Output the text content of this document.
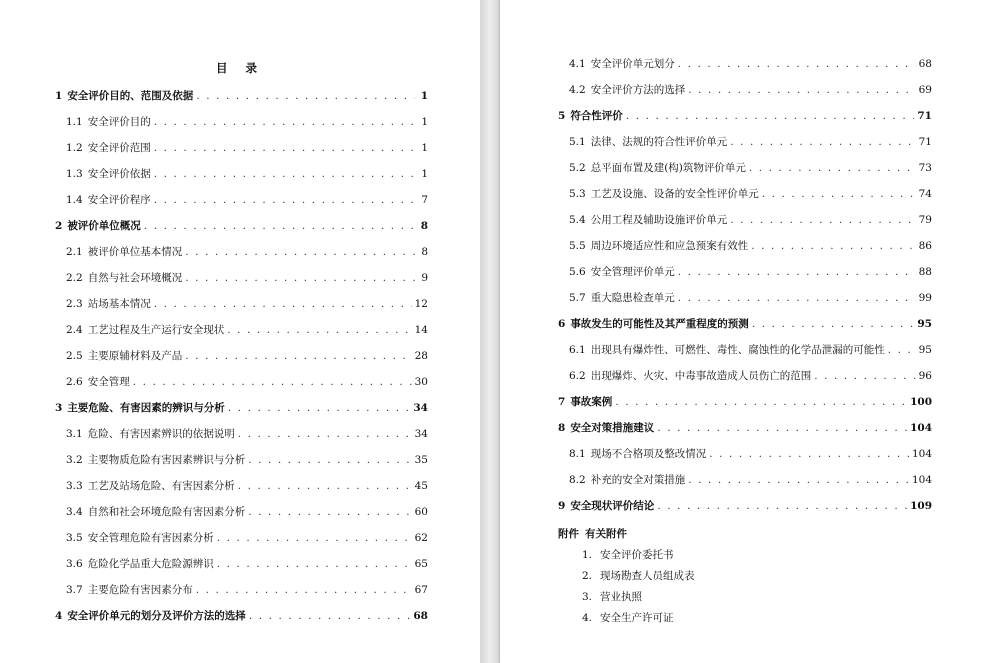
目 录
1 安全评价目的、范围及依据 . . .	1
1.1 安全评价目的 . . .	1
1.2 安全评价范围 . . .	1
1.3 安全评价依据 . . .	1
1.4 安全评价程序 . . .	7
2 被评价单位概况 . . .	8
2.1 被评价单位基本情况 . . .	8
2.2 自然与社会环境概况 . . .	9
2.3 站场基本情况 . . .	12
2.4 工艺过程及生产运行安全现状 . . .	14
2.5 主要原辅材料及产品 . . .	28
2.6 安全管理 . . .	30
3 主要危险、有害因素的辨识与分析 . . .	34
3.1 危险、有害因素辨识的依据说明 . . .	34
3.2 主要物质危险有害因素辨识与分析 . . .	35
3.3 工艺及站场危险、有害因素分析 . . .	45
3.4 自然和社会环境危险有害因素分析 . . .	60
3.5 安全管理危险有害因素分析 . . .	62
3.6 危险化学品重大危险源辨识 . . .	65
3.7 主要危险有害因素分布 . . .	67
4 安全评价单元的划分及评价方法的选择 . . .	68
附件 有关附件
1. 安全评价委托书
2. 现场勘查人员组成表
3. 营业执照
4. 安全生产许可证
4.1 安全评价单元划分 . . .	68
4.2 安全评价方法的选择 . . .	69
5 符合性评价 . . .	71
5.1 法律、法规的符合性评价单元 . . .	71
5.2 总平面布置及建(构)筑物评价单元 . . .	73
5.3 工艺及设施、设备的安全性评价单元 . . .	74
5.4 公用工程及辅助设施评价单元 . . .	79
5.5 周边环境适应性和应急预案有效性 . . .	86
5.6 安全管理评价单元 . . .	88
5.7 重大隐患检查单元 . . .	99
6 事故发生的可能性及其严重程度的预测 . . .	95
6.1 出现具有爆炸性、可燃性、毒性、腐蚀性的化学品泄漏的可能性 . . .	95
6.2 出现爆炸、火灾、中毒事故造成人员伤亡的范围 . . .	96
7 事故案例 . . .	100
8 安全对策措施建议 . . .	104
8.1 现场不合格项及整改情况 . . .	104
8.2 补充的安全对策措施 . . .	104
9 安全现状评价结论 . . .	109
